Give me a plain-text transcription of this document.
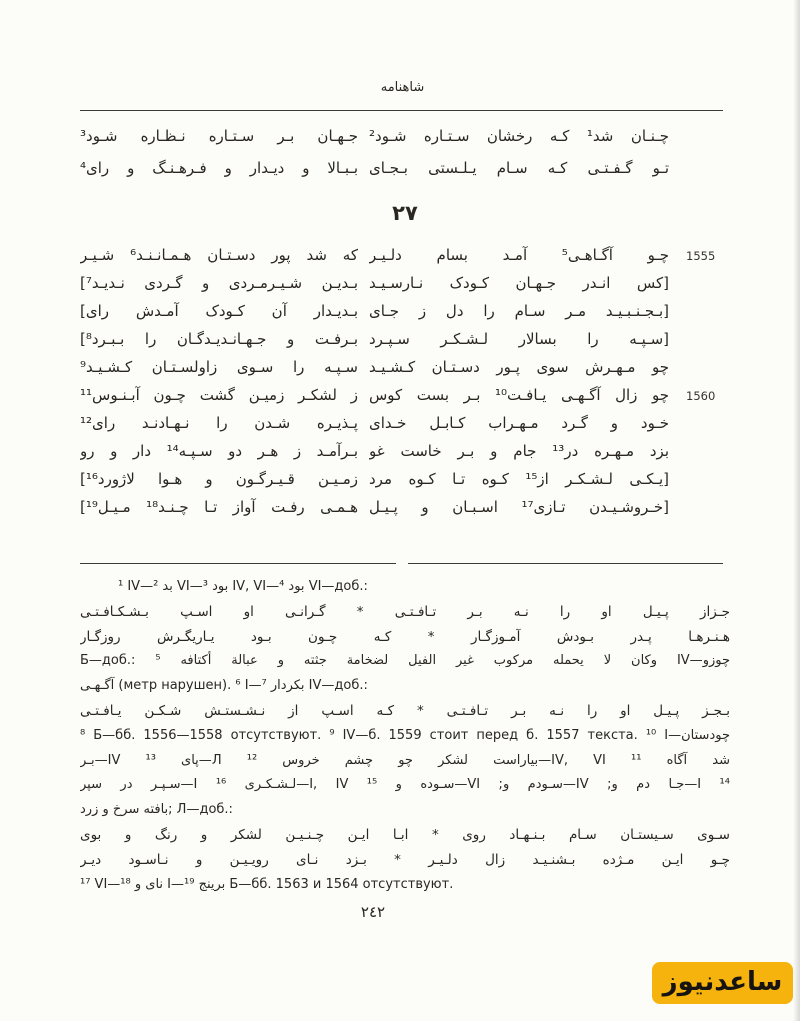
شاهنامه
جـهـان بـر سـتـاره نـظـاره شـود³ چـنـان شد¹ کـه رخشان سـتـاره شـود²
بـبـالا و دیـدار و فـرهـنـگ و رای⁴ تـو گـفـتـی کـه سـام یـلـستی بـجـای
٢٧
که شد پور دسـتـان هـمـانـنـد⁶ شـیـر چـو آگـاهـی⁵ آمـد بسام دلـیـر	1555
بـدیـن شـیـرمـردی و گـردی نـدیـد⁷] [کس انـدر جـهـان کـودک نـارسـیـد
بـدیـدار آن کـودک آمـدش رای] [بـجـنـبـیـد مـر سـام را دل ز جـای
بـرفـت و جـهـانـدیـدگـان را بـبـرد⁸] [سـپـه را بسالار لـشـکـر سـپـرد
سـپـه را سـوی زاولسـتـان کـشـیـد⁹ چو مـهـرش سوی پـور دسـتـان کـشـیـد
ز لشکـر زمیـن گشت چـون آبـنـوس¹¹ چو زال آگـهـی یـافـت¹⁰ بـر بست کوس	1560
پـذیـره شـدن را نـهـادنـد رای¹² خـود و گـرد مـهـراب کـابـل خـدای
بـرآمـد ز هـر دو سـپـه¹⁴ دار و رو بزد مـهـره در¹³ جام و بـر خاست غو
زمـیـن قـیـرگـون و هـوا لاژورد¹⁶] [یـکـی لـشـکـر از¹⁵ کـوه تـا کـوه مرد
هـمـی رفـت آواز تـا چـنـد¹⁸ مـیـل¹⁹] [خـروشـیـدن تـازی¹⁷ اسـبـان و پـیـل
¹ IV—بد ² VI—بود ³ IV, VI—بود ⁴ VI—доб.:
جـزاز پـیـل او را نـه بـر تـافـتـی * گـرانـی او اسـپ بـشـکـافـتـی
هـنـرهـا پـدر بـودش آمـوزگـار * کـه چـون بـود یـاریگـرش روزگـار
Б—доб.: وكان لا يحمله مركوب غير الفيل لضخامة جثته و عبالة أكتافه ⁵ IV—چوزو
آگـهـی (метр нарушен). ⁶ I—بكردار ⁷ IV—доб.:
بـجـز پـیـل او را نـه بـر تـافـتـی * کـه اسـپ از نـشـستـش شـکـن یـافـتـی
⁸ Б—бб. 1556—1558 отсутствуют. ⁹ IV—б. 1559 стоит перед б. 1557 текста. ¹⁰ I—چودستان
شد آگاه ¹¹ IV, VI—بیاراست لشکر چو چشم خروس ¹² Л—پای ¹³ IV—بـر
¹⁴ I—جـا دم و; IV—سـودم و; VI—سـوده و ¹⁵ I, IV—لـشـکـری ¹⁶ I—سـپـر در سپر
بافته سرخ و زرد; Л—доб.:
سـوی سـیستـان سـام بـنـهـاد روی * ابـا ایـن چـنـیـن لشکر و رنگ و بوی
چـو ایـن مـژده بـشنـیـد زال دلـیـر * بـزد نـای رویـیـن و نـاسـود دیـر
¹⁷ VI—نای و ¹⁸ I—برینج ¹⁹ Б—бб. 1563 и 1564 отсутствуют.
٢٤٢
ساعدنیوز
